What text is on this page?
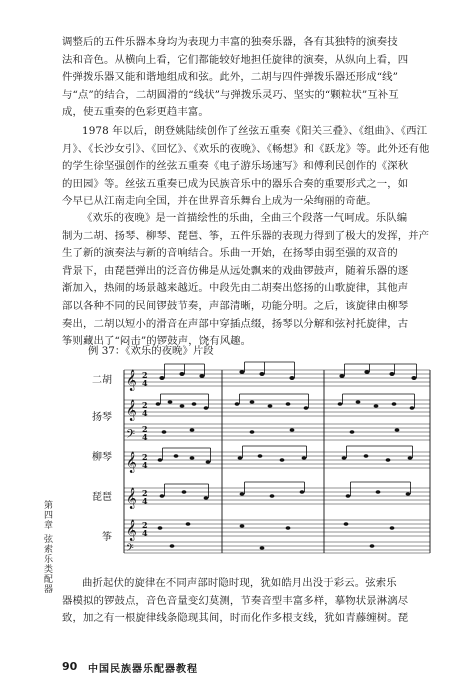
调整后的五件乐器本身均为表现力丰富的独奏乐器，各有其独特的演奏技
法和音色。从横向上看，它们都能较好地担任旋律的演奏，从纵向上看，四
件弹拨乐器又能和谐地组成和弦。此外，二胡与四件弹拨乐器还形成“线”
与“点”的结合，二胡圆滑的“线状”与弹拨乐灵巧、坚实的“颗粒状”互补互
成，使五重奏的色彩更趋丰富。

1978 年以后，朗登姚陆续创作了丝弦五重奏《阳关三叠》、《组曲》、《西江
月》、《长沙女引》、《回忆》、《欢乐的夜晚》、《畅想》和《跃龙》等。此外还有他
的学生徐坚强创作的丝弦五重奏《电子游乐场速写》和傅利民创作的《深秋
的田园》等。丝弦五重奏已成为民族音乐中的器乐合奏的重要形式之一，如
今早已从江南走向全国，并在世界音乐舞台上成为一朵绚丽的奇葩。

《欢乐的夜晚》是一首描绘性的乐曲，全曲三个段落一气呵成。乐队编
制为二胡、扬琴、柳琴、琵琶、筝，五件乐器的表现力得到了极大的发挥，并产
生了新的演奏法与新的音响结合。乐曲一开始，在扬琴由弱至强的双音的
背景下，由琵琶弹出的泛音仿佛是从远处飘来的戏曲锣鼓声，随着乐器的逐
渐加入，热闹的场景越来越近。中段先由二胡奏出悠扬的山歌旋律，其他声
部以各种不同的民间锣鼓节奏，声部清晰，功能分明。之后，该旋律由柳琴
奏出，二胡以短小的滑音在声部中穿插点缀，扬琴以分解和弦衬托旋律，古
筝则藏出了“闷击”的锣鼓声，饶有风趣。

例 37：《欢乐的夜晚》片段
二胡
扬琴
柳琴
琵琶
筝
𝄞
𝄞
𝄢
𝄞
𝄞
𝄞
𝄢
2
4
2
4
2
4
2
4
2
4
2
4

曲折起伏的旋律在不同声部时隐时现，犹如皓月出没于彩云。弦索乐
器模拟的锣鼓点，音色音量变幻莫测，节奏音型丰富多样，摹物状景淋漓尽
致，加之有一根旋律线条隐现其间，时而化作多根支线，犹如青藤缠树。琵

第四章 弦索乐类配器
90 中国民族器乐配器教程
